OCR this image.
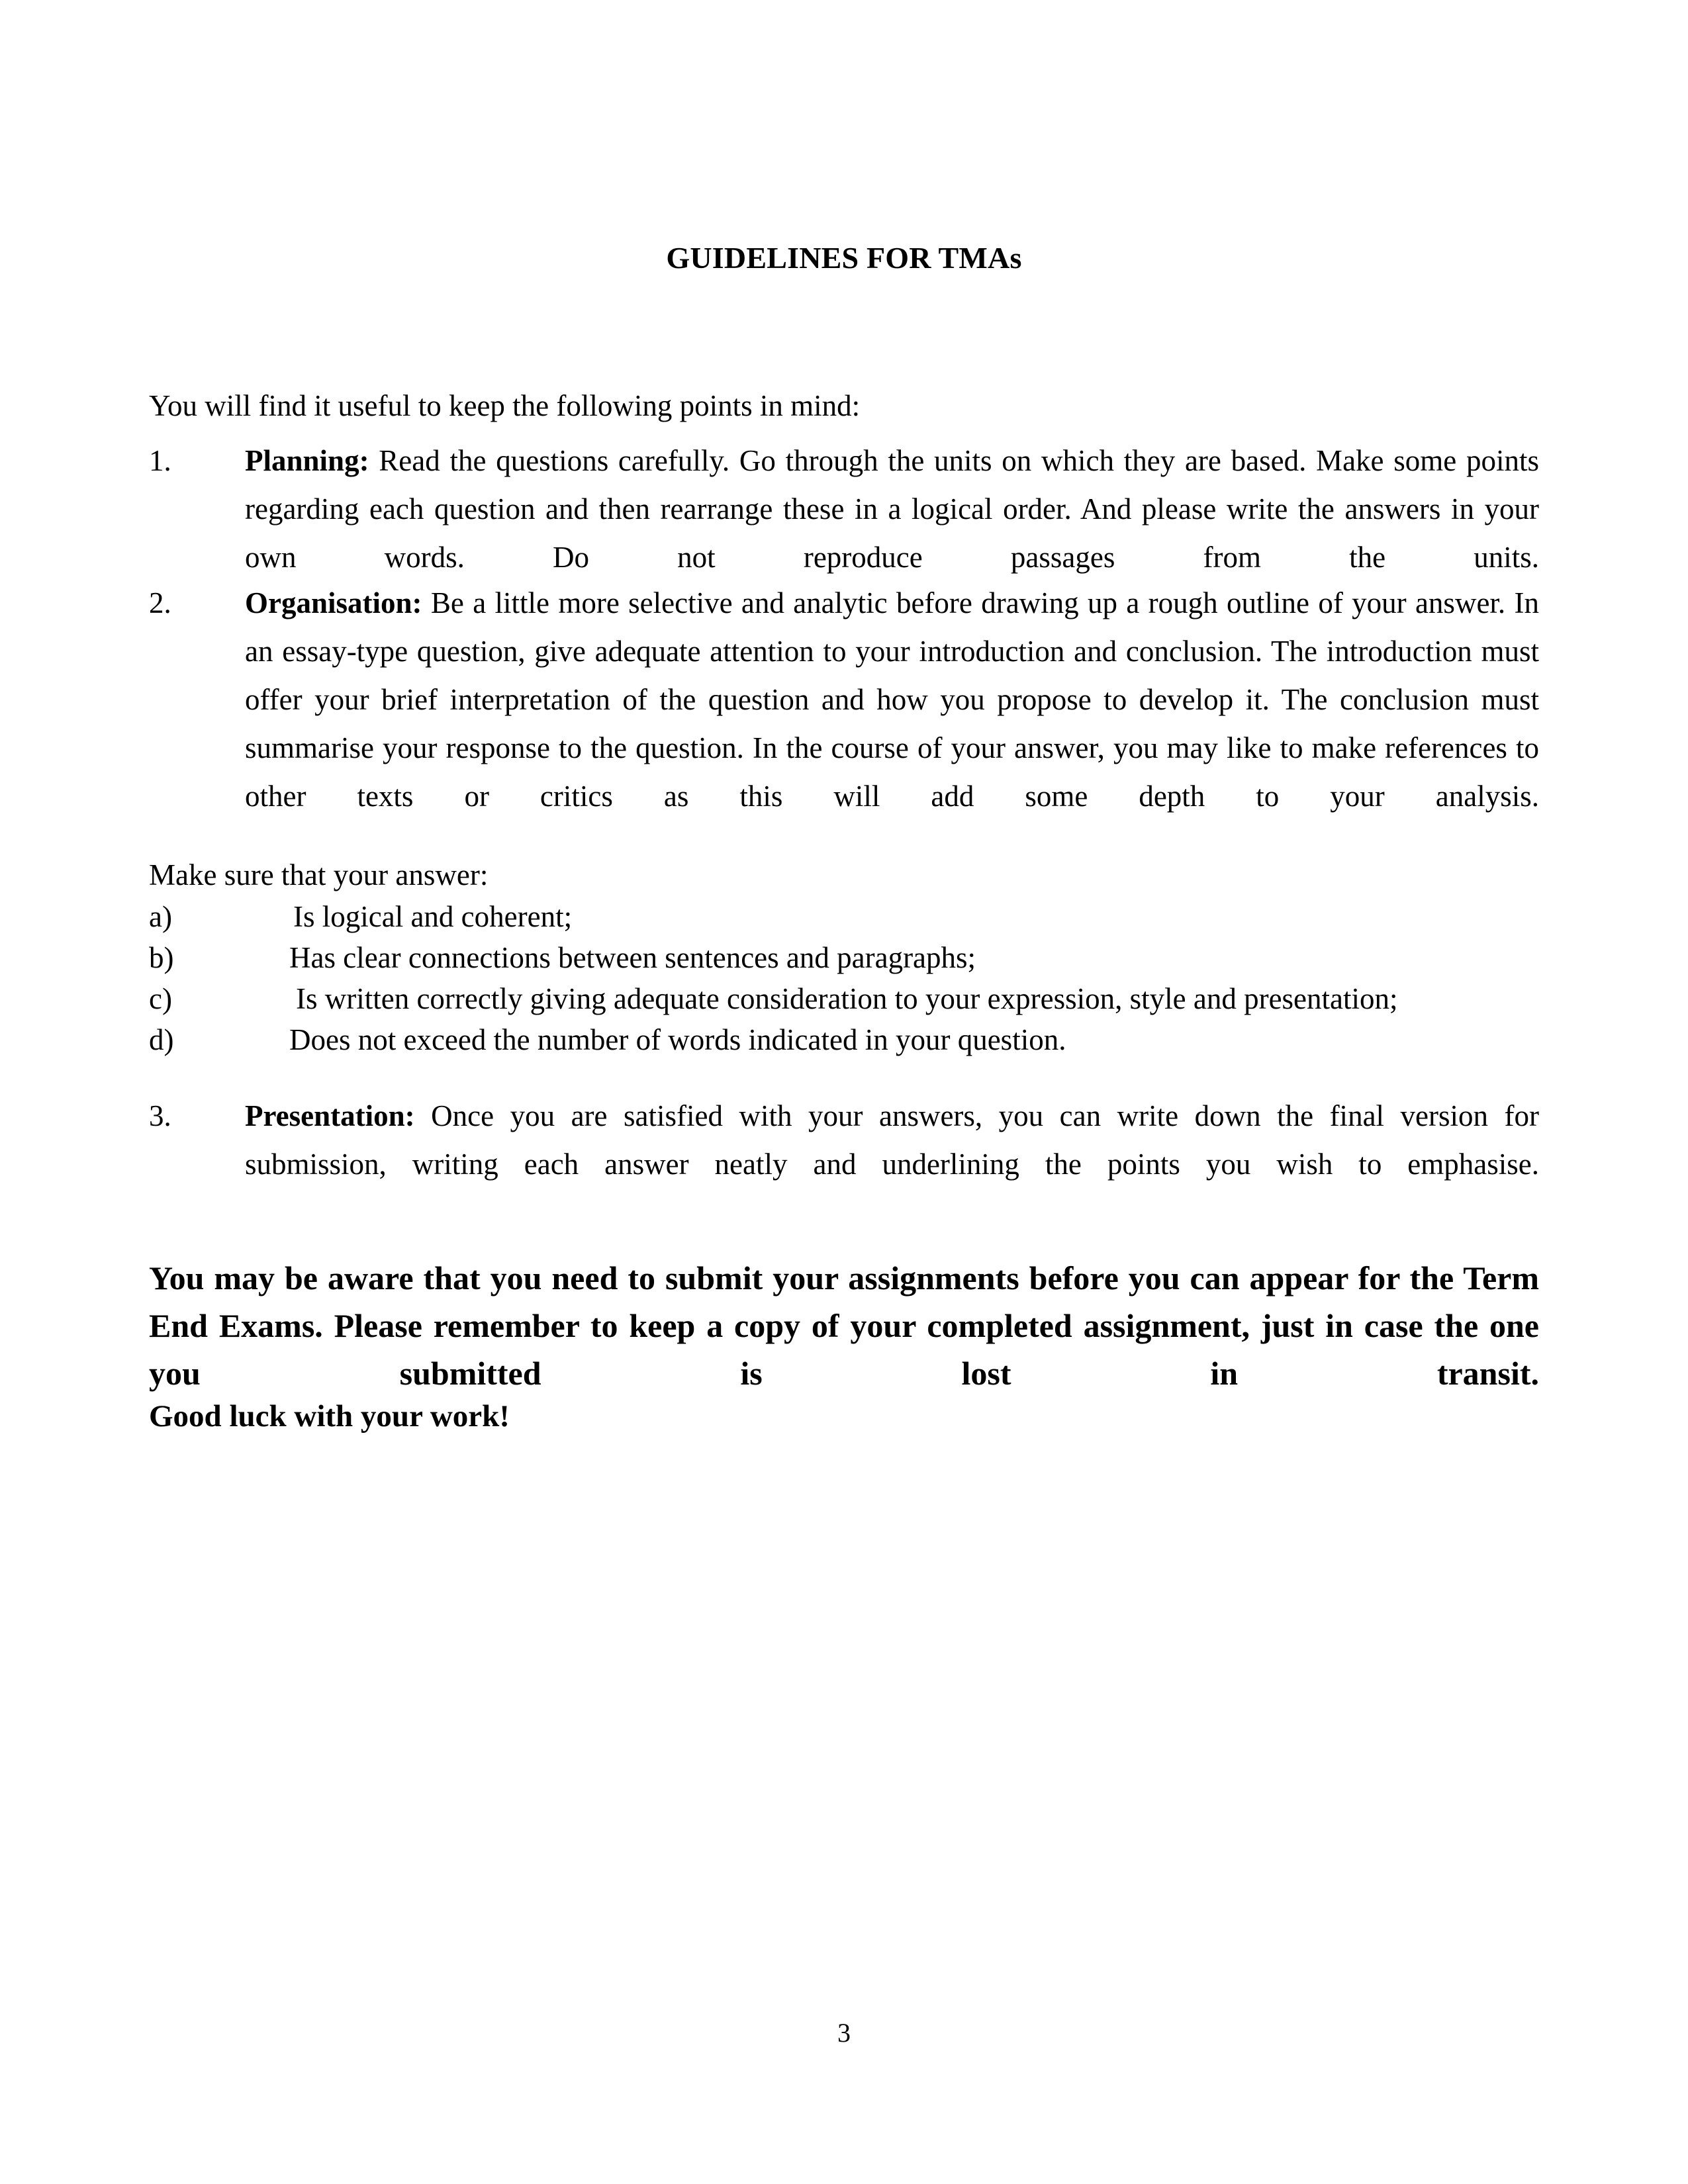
GUIDELINES FOR TMAs

You will find it useful to keep the following points in mind:

1.	Planning: Read the questions carefully. Go through the units on which they are based. Make some points regarding each question and then rearrange these in a logical order. And please write the answers in your own words. Do not reproduce passages from the units.
2.	Organisation: Be a little more selective and analytic before drawing up a rough outline of your answer. In an essay-type question, give adequate attention to your introduction and conclusion. The introduction must offer your brief interpretation of the question and how you propose to develop it. The conclusion must summarise your response to the question. In the course of your answer, you may like to make references to other texts or critics as this will add some depth to your analysis.
Make sure that your answer:
a)	Is logical and coherent;
b)	Has clear connections between sentences and paragraphs;
c)	Is written correctly giving adequate consideration to your expression, style and presentation;
d)	Does not exceed the number of words indicated in your question.
3.	Presentation: Once you are satisfied with your answers, you can write down the final version for submission, writing each answer neatly and underlining the points you wish to emphasise.

You may be aware that you need to submit your assignments before you can appear for the Term End Exams. Please remember to keep a copy of your completed assignment, just in case the one you submitted is lost in transit.

Good luck with your work!

3
